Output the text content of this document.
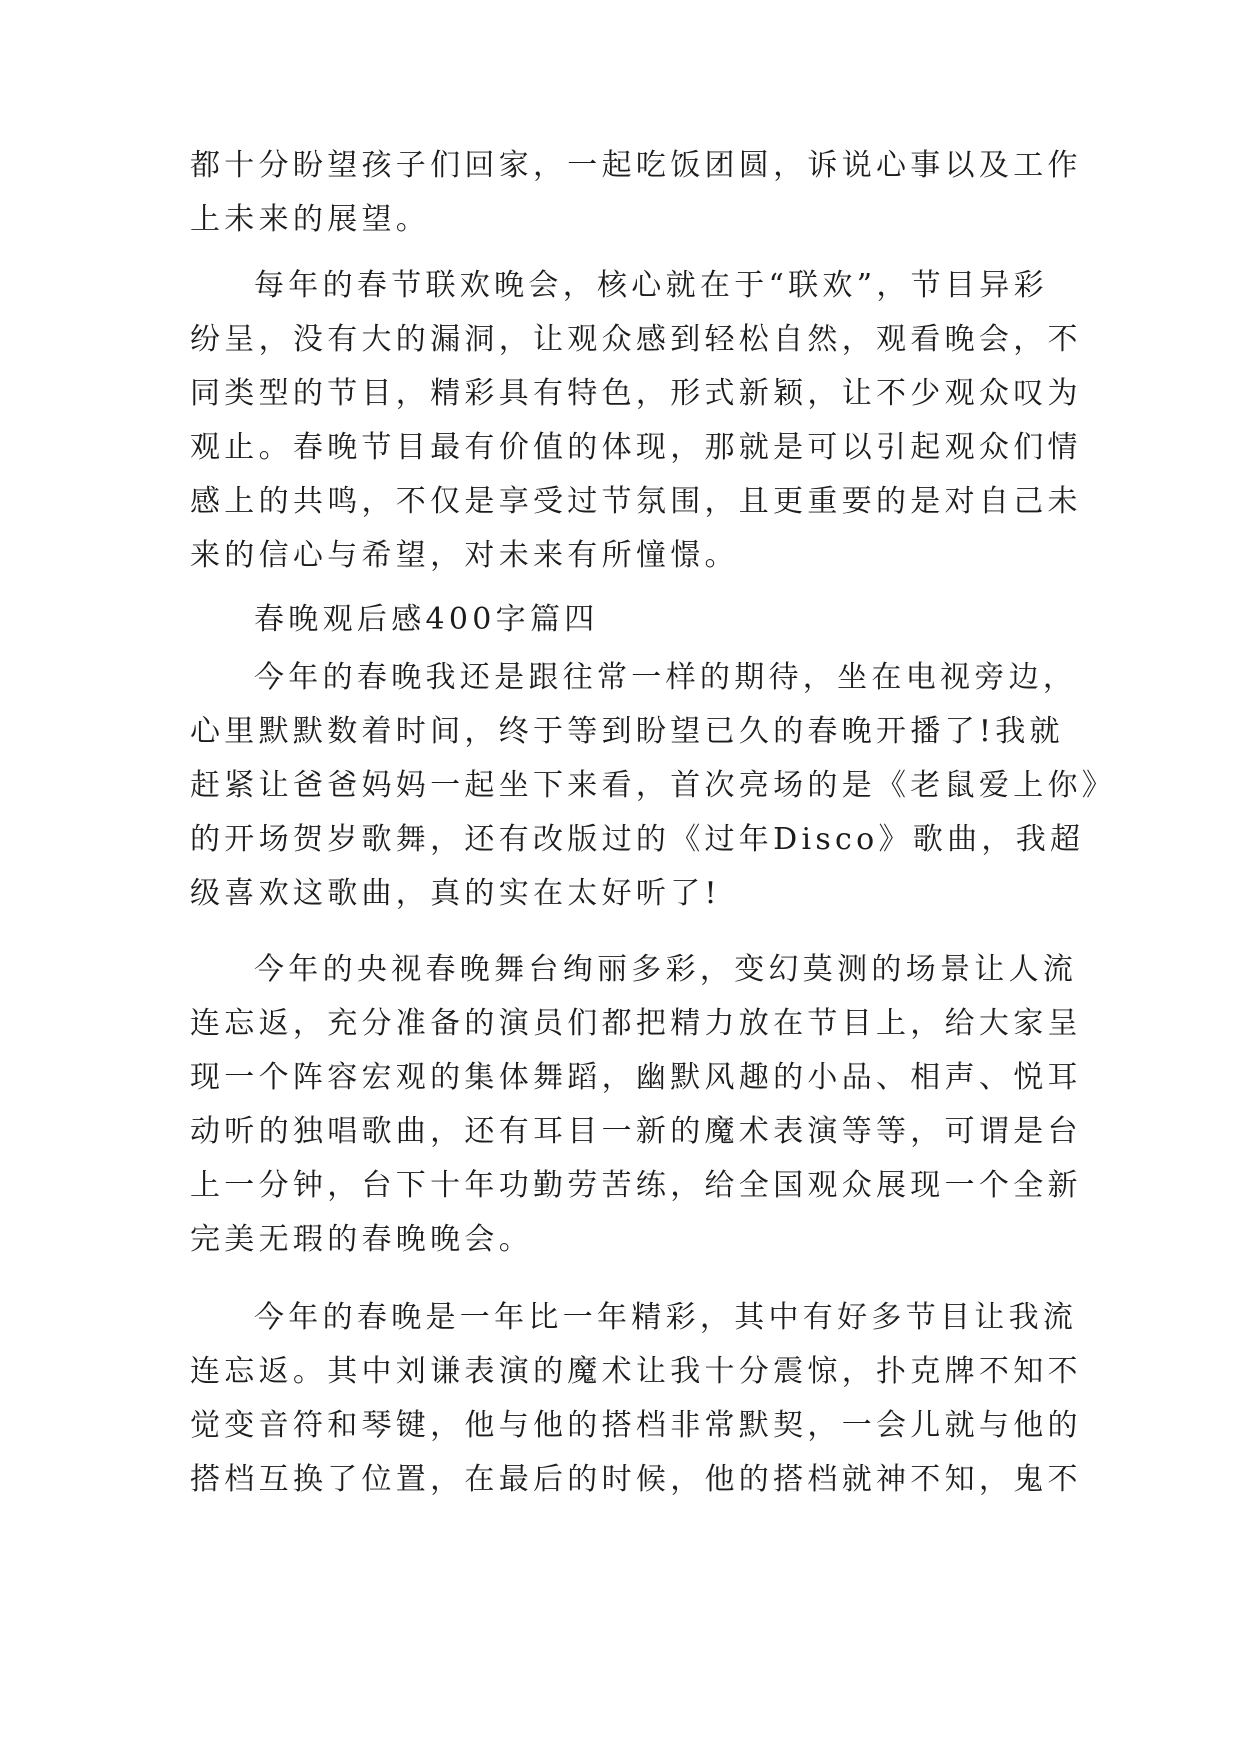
都十分盼望孩子们回家，一起吃饭团圆，诉说心事以及工作

上未来的展望。

每年的春节联欢晚会，核心就在于“联欢”，节目异彩

纷呈，没有大的漏洞，让观众感到轻松自然，观看晚会，不

同类型的节目，精彩具有特色，形式新颖，让不少观众叹为

观止。春晚节目最有价值的体现，那就是可以引起观众们情

感上的共鸣，不仅是享受过节氛围，且更重要的是对自己未

来的信心与希望，对未来有所憧憬。

春晚观后感400字篇四

今年的春晚我还是跟往常一样的期待，坐在电视旁边，

心里默默数着时间，终于等到盼望已久的春晚开播了!我就

赶紧让爸爸妈妈一起坐下来看，首次亮场的是《老鼠爱上你》

的开场贺岁歌舞，还有改版过的《过年Disco》歌曲，我超

级喜欢这歌曲，真的实在太好听了!

今年的央视春晚舞台绚丽多彩，变幻莫测的场景让人流

连忘返，充分准备的演员们都把精力放在节目上，给大家呈

现一个阵容宏观的集体舞蹈，幽默风趣的小品、相声、悦耳

动听的独唱歌曲，还有耳目一新的魔术表演等等，可谓是台

上一分钟，台下十年功勤劳苦练，给全国观众展现一个全新

完美无瑕的春晚晚会。

今年的春晚是一年比一年精彩，其中有好多节目让我流

连忘返。其中刘谦表演的魔术让我十分震惊，扑克牌不知不

觉变音符和琴键，他与他的搭档非常默契，一会儿就与他的

搭档互换了位置，在最后的时候，他的搭档就神不知，鬼不
